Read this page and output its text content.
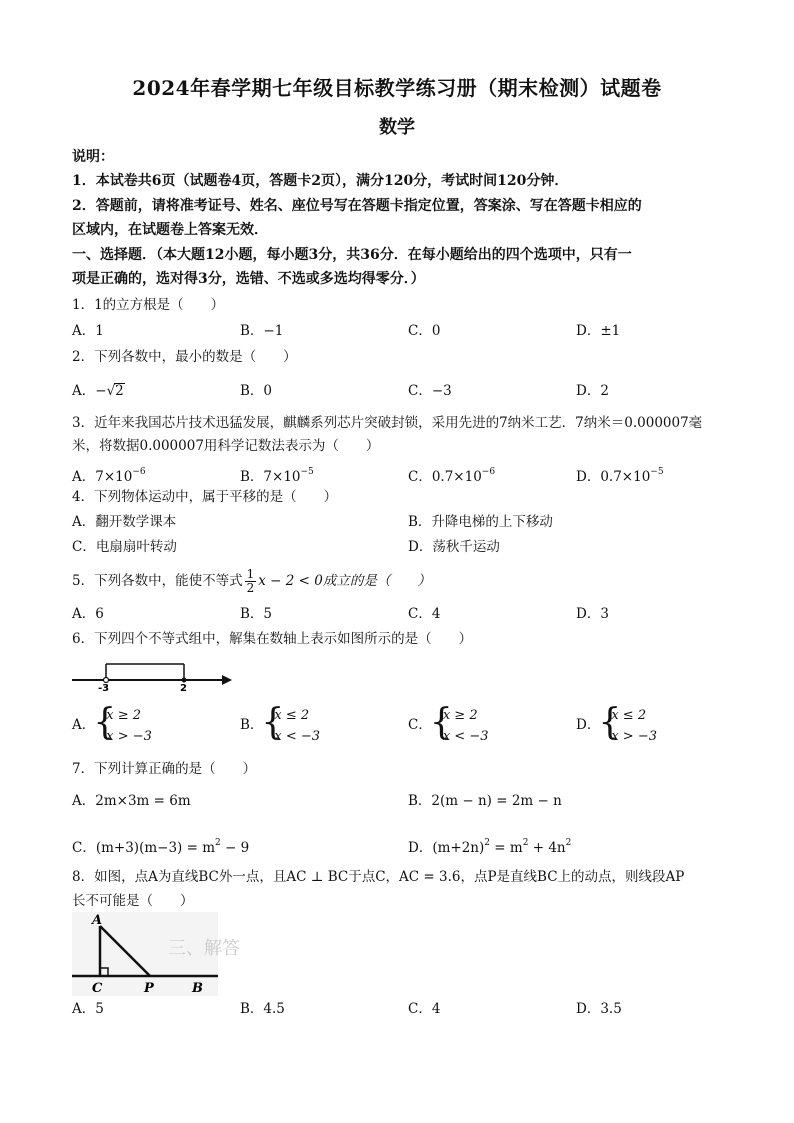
2024年春学期七年级目标教学练习册（期末检测）试题卷
数学
说明：
1．本试卷共6页（试题卷4页，答题卡2页），满分120分，考试时间120分钟．
2．答题前，请将准考证号、姓名、座位号写在答题卡指定位置，答案涂、写在答题卡相应的
区域内，在试题卷上答案无效．
一、选择题．（本大题12小题，每小题3分，共36分．在每小题给出的四个选项中，只有一
项是正确的，选对得3分，选错、不选或多选均得零分．）
1．1的立方根是（　　）
A．1	B．−1	C．0	D．±1
2．下列各数中，最小的数是（　　）
A．−√2	B．0	C．−3	D．2
3．近年来我国芯片技术迅猛发展，麒麟系列芯片突破封锁，采用先进的7纳米工艺．7纳米＝0.000007毫
米，将数据0.000007用科学记数法表示为（　　）
A．$7\times 10^{-6}$	B．$7\times 10^{-5}$	C．$0.7\times 10^{-6}$	D．$0.7\times 10^{-5}$
4．下列物体运动中，属于平移的是（　　）
A．翻开数学课本	B．升降电梯的上下移动
C．电扇扇叶转动	D．荡秋千运动
5．下列各数中，能使不等式 $\frac{1}{2}$ x − 2 < 0成立的是（　　）
A．6	B．5	C．4	D．3
6．下列四个不等式组中，解集在数轴上表示如图所示的是（　　）
-3	2
A．
{
x ≥ 2
x > −3
B．
{
x ≤ 2
x < −3
C．
{
x ≥ 2
x < −3
D．
{
x ≤ 2
x > −3
7．下列计算正确的是（　　）
A．2m×3m = 6m	B．2(m − n) = 2m − n
C．$(m+3)(m-3) = m^2 - 9$	D．$(m+2n)^2 = m^2 + 4n^2$
8．如图，点A为直线BC外一点，且AC ⊥ BC于点C，AC = 3.6，点P是直线BC上的动点，则线段AP
长不可能是（　　）
三、解答
A
C	P	B
A．5	B．4.5	C．4	D．3.5
